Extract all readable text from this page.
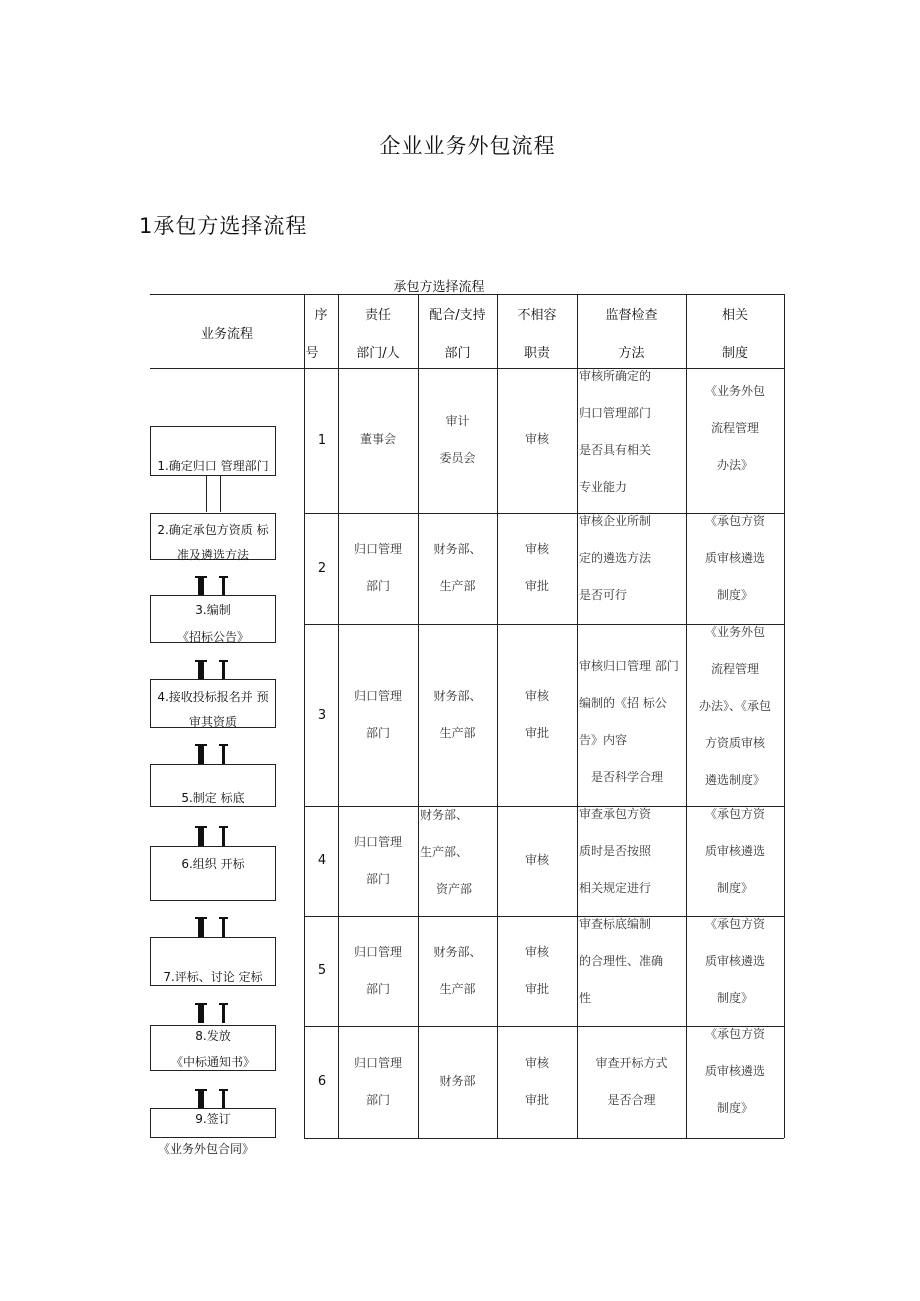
企业业务外包流程
1承包方选择流程
承包方选择流程
业务流程
序
号
责任
部门/人
配合/支持
部门
不相容
职责
监督检查
方法
相关
制度
1	董事会
审计
委员会
审核
审核所确定的
归口管理部门
是否具有相关
专业能力
《业务外包
流程管理
办法》
2
归口管理
部门
财务部、
生产部
审核
审批
审核企业所制
定的遴选方法
是否可行
《承包方资
质审核遴选
制度》
3
归口管理
部门
财务部、
生产部
审核
审批
审核归口管理 部门
编制的《招 标公
告》内容
是否科学合理
《业务外包
流程管理
办法》、《承包
方资质审核
遴选制度》
4
归口管理
部门
财务部、
生产部、
资产部
审核
审查承包方资
质时是否按照
相关规定进行
《承包方资
质审核遴选
制度》
5
归口管理
部门
财务部、
生产部
审核
审批
审查标底编制
的合理性、准确
性
《承包方资
质审核遴选
制度》
6
归口管理
部门
财务部
审核
审批
审查开标方式
是否合理
《承包方资
质审核遴选
制度》
1.确定归口 管理部门
2.确定承包方资质 标
准及遴选方法
3.编制
《招标公告》
4.接收投标报名并 预
审其资质
5.制定 标底
6.组织 开标
7.评标、讨论 定标
8.发放
《中标通知书》
9.签订
《业务外包合同》
